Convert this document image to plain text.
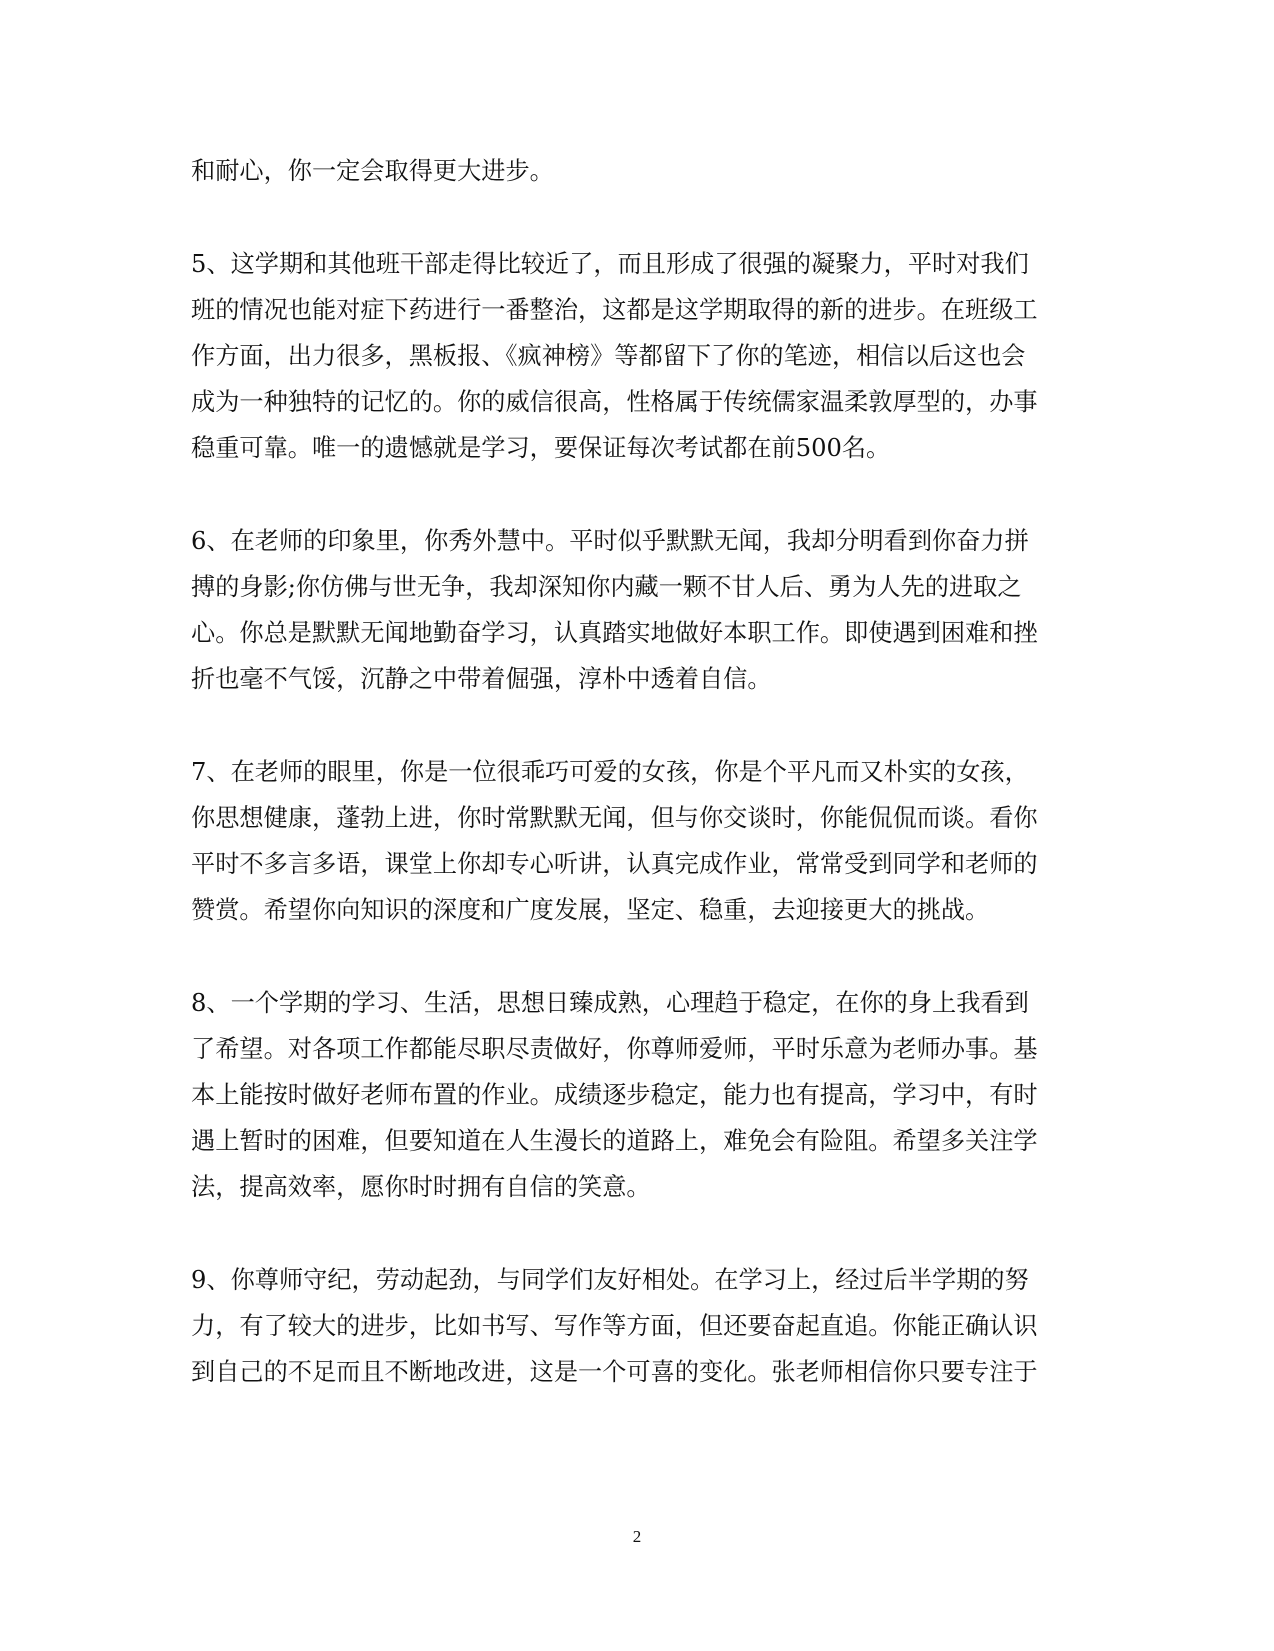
和耐心，你一定会取得更大进步。
5、这学期和其他班干部走得比较近了，而且形成了很强的凝聚力，平时对我们
班的情况也能对症下药进行一番整治，这都是这学期取得的新的进步。在班级工
作方面，出力很多，黑板报、《疯神榜》等都留下了你的笔迹，相信以后这也会
成为一种独特的记忆的。你的威信很高，性格属于传统儒家温柔敦厚型的，办事
稳重可靠。唯一的遗憾就是学习，要保证每次考试都在前500名。
6、在老师的印象里，你秀外慧中。平时似乎默默无闻，我却分明看到你奋力拼
搏的身影;你仿佛与世无争，我却深知你内藏一颗不甘人后、勇为人先的进取之
心。你总是默默无闻地勤奋学习，认真踏实地做好本职工作。即使遇到困难和挫
折也毫不气馁，沉静之中带着倔强，淳朴中透着自信。
7、在老师的眼里，你是一位很乖巧可爱的女孩，你是个平凡而又朴实的女孩，
你思想健康，蓬勃上进，你时常默默无闻，但与你交谈时，你能侃侃而谈。看你
平时不多言多语，课堂上你却专心听讲，认真完成作业，常常受到同学和老师的
赞赏。希望你向知识的深度和广度发展，坚定、稳重，去迎接更大的挑战。
8、一个学期的学习、生活，思想日臻成熟，心理趋于稳定，在你的身上我看到
了希望。对各项工作都能尽职尽责做好，你尊师爱师，平时乐意为老师办事。基
本上能按时做好老师布置的作业。成绩逐步稳定，能力也有提高，学习中，有时
遇上暂时的困难，但要知道在人生漫长的道路上，难免会有险阻。希望多关注学
法，提高效率，愿你时时拥有自信的笑意。
9、你尊师守纪，劳动起劲，与同学们友好相处。在学习上，经过后半学期的努
力，有了较大的进步，比如书写、写作等方面，但还要奋起直追。你能正确认识
到自己的不足而且不断地改进，这是一个可喜的变化。张老师相信你只要专注于
2
